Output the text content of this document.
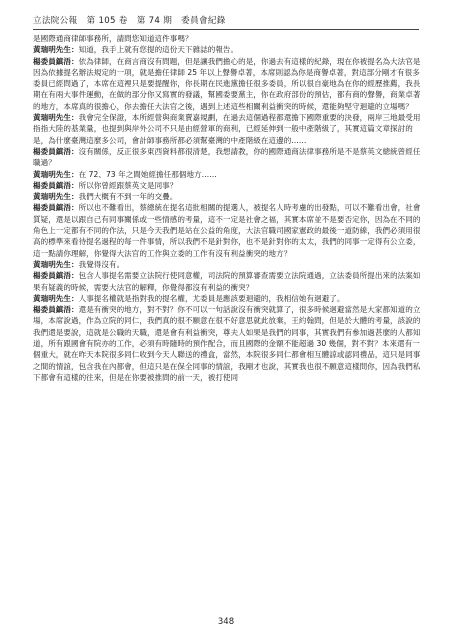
立法院公報 第 105 卷 第 74 期 委員會紀錄

是國際通商律師事務所，請問您知道這件事嗎？

黃瑞明先生：知道，我手上就有您提的這份天下雜誌的報告。

楊委員鎮浯：依為律師，在商言商沒有問題，但是讓我們擔心的是，你過去有這樣的紀錄，現在你被提名為大法官是因為依據提名辦法規定的一項，就是擔任律師 25 年以上聲譽卓著，本席則認為你是商譽卓著，對這部分剛才有很多委員已經問過了，本席在這裡只是要提醒你，你長期在民進黨擔任很多委員，所以很自豪地為在你的經歷推薦，我長期在有兩大事件運動，在做的部分你又寫實的發議，幫國委要黨主，你在政府部份的預估，都有商的聲譽，商業卓著的地方，本席真的很擔心，你去擔任大法官之後，遇到上述這些相關利益衝突的時候，還能夠堅守迴避的立場嗎？

黃瑞明先生：我會完全保證，本所經營與商業賣嘉規劃，在過去這個過程都還擔下國際重要的決發，兩岸三地最受用指指大陸的基業量，也提到與岸外公司不只是由經營軍的商利，已經延伸到一般中產階級了，其實這篇文章探討的是，為什麼臺灣這麼多公司，會計師事務所都必須幫臺灣的中產階級在這邊的……

楊委員鎮浯：沒有關係，反正很多東西資料都很清楚，我想請教，你的國際通商法律事務所是不是蔡英文總統曾經任職過？

黃瑞明先生：在 72、73 年之間她經擔任那個地方……

楊委員鎮浯：所以你曾經跟蔡英文是同事？

黃瑞明先生：我們大概有不到一年的交疊。

楊委員鎮浯：所以也不難看出，蔡總統在提名這批相關的提選人，被提名人時考慮的出發點，可以不難看出會，社會質疑，還是以跟自己有同事關係或一些情感的考量，這不一定是社會之福，其實本席並不是要否定你，因為在不同的角色上一定都有不同的作法，只是今天我們是站在公益的角度，大法官職司國家憲政的最後一道防線，我們必須用很高的標準來看待提名過程的每一件事情，所以我們不是針對你，也不是針對你的太太，我們的同事一定得有公立委，這一點請你理解，你覺得大法官的工作與立委的工作有沒有利益衝突的地方？

黃瑞明先生：我覺得沒有。

楊委員鎮浯：包含人事提名需要立法院行使同意權，司法院的預算審查需要立法院通過，立法委員所提出來的法案如果有疑義的時候，需要大法官的解釋，你覺得都沒有利益的衝突？

黃瑞明先生：人事提名權就是指對我的提名權，尤委員是應該要迴避的，我相信她有迴避了。

楊委員鎮浯：還是有衝突的地方，對不對？你不可以一句話說沒有衝突就算了，很多時候迴避當然是大家都知道的立場，本席說過，作為立院的同仁，我們真的很不願意在很不好意思就此放棄，王約翰問，但是於大體的考量，該說的我們還是要說，這就是公職的天職，還是會有利益衝突，尊夫人如果是我們的同事，其實我們有參加過甚麼的人都知道，所有跟國會有院亦的工作，必須有時隨時的預作配合，而且國際的金額不能超過 30 幾個，對不對？本來還有一個重大，就在昨天本院很多同仁收到今天人聯送的禮盒，當然，本院很多同仁都會相互體諒或認同禮品，這只是同事之間的情誼，包含我在內都會，但這只是在保全同事的情誼，我剛才也說，其實我也很不願意這樣問你，因為我們私下都會有這樣的往來，但是在你要被推問的前一天，被打使同

348
